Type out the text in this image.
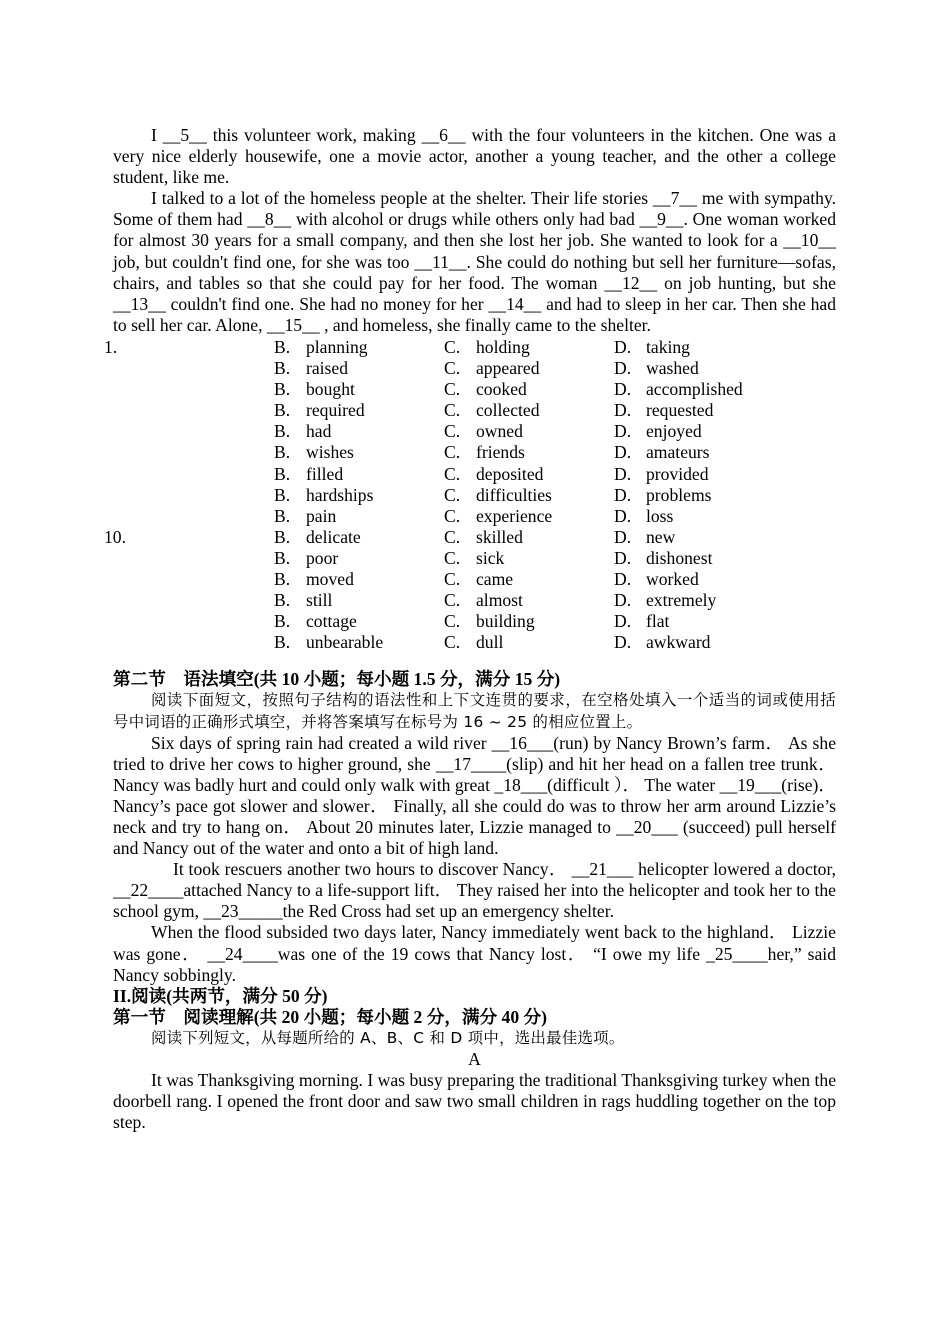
I __5__ this volunteer work, making __6__ with the four volunteers in the kitchen. One was a very nice elderly housewife, one a movie actor, another a young teacher, and the other a college student, like me.

I talked to a lot of the homeless people at the shelter. Their life stories __7__ me with sympathy. Some of them had __8__ with alcohol or drugs while others only had bad __9__. One woman worked for almost 30 years for a small company, and then she lost her job. She wanted to look for a __10__ job, but couldn't find one, for she was too __11__. She could do nothing but sell her furniture—sofas, chairs, and tables so that she could pay for her food. The woman __12__ on job hunting, but she __13__ couldn't find one. She had no money for her __14__ and had to sleep in her car. Then she had to sell her car. Alone, __15__ , and homeless, she finally came to the shelter.

1.	B. planning	C. holding	D. taking
B. raised	C. appeared	D. washed
B. bought	C. cooked	D. accomplished
B. required	C. collected	D. requested
B. had	C. owned	D. enjoyed
B. wishes	C. friends	D. amateurs
B. filled	C. deposited	D. provided
B. hardships	C. difficulties	D. problems
B. pain	C. experience	D. loss
10.	B. delicate	C. skilled	D. new
B. poor	C. sick	D. dishonest
B. moved	C. came	D. worked
B. still	C. almost	D. extremely
B. cottage	C. building	D. flat
B. unbearable	C. dull	D. awkward

第二节　语法填空(共 10 小题；每小题 1.5 分，满分 15 分)

阅读下面短文，按照句子结构的语法性和上下文连贯的要求，在空格处填入一个适当的词或使用括号中词语的正确形式填空，并将答案填写在标号为 16 ~ 25 的相应位置上。

Six days of spring rain had created a wild river __16___(run) by Nancy Brown’s farm． As she tried to drive her cows to higher ground, she __17____(slip) and hit her head on a fallen tree trunk． Nancy was badly hurt and could only walk with great _18___(difficult ）． The water __19___(rise)． Nancy’s pace got slower and slower． Finally, all she could do was to throw her arm around Lizzie’s neck and try to hang on． About 20 minutes later, Lizzie managed to __20___ (succeed) pull herself and Nancy out of the water and onto a bit of high land.

It took rescuers another two hours to discover Nancy． __21___ helicopter lowered a doctor, __22____attached Nancy to a life-support lift． They raised her into the helicopter and took her to the school gym, __23_____the Red Cross had set up an emergency shelter.

When the flood subsided two days later, Nancy immediately went back to the highland． Lizzie was gone． __24____was one of the 19 cows that Nancy lost． “I owe my life _25____her,” said Nancy sobbingly.

II.阅读(共两节，满分 50 分)

第一节　阅读理解(共 20 小题；每小题 2 分，满分 40 分)

阅读下列短文，从每题所给的 A、B、C 和 D 项中，选出最佳选项。

A

It was Thanksgiving morning. I was busy preparing the traditional Thanksgiving turkey when the doorbell rang. I opened the front door and saw two small children in rags huddling together on the top step.
